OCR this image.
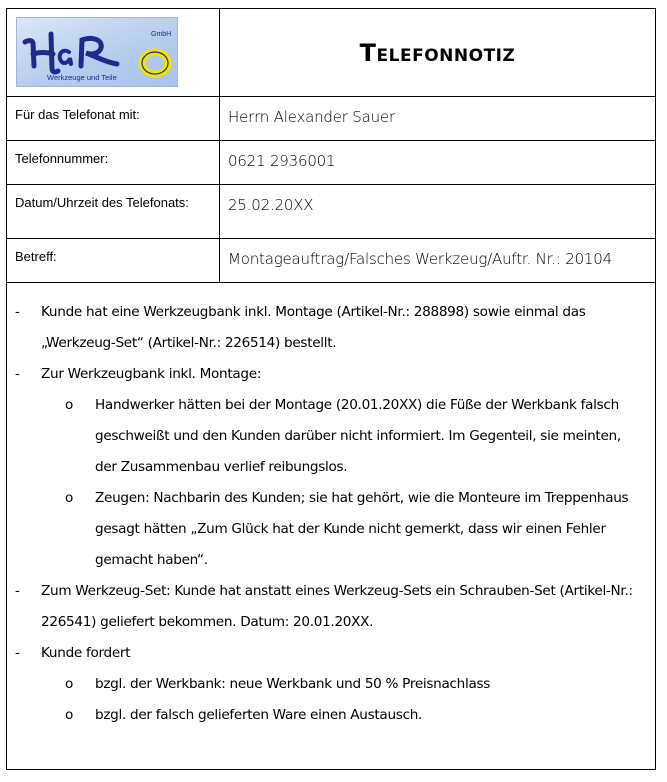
GmbH
Werkzeuge und Teile	Telefonnotiz
Für das Telefonat mit:	Herrn Alexander Sauer
Telefonnummer:	0621 2936001
Datum/Uhrzeit des Telefonats:	25.02.20XX
Betreff:	Montageauftrag/Falsches Werkzeug/Auftr. Nr.: 20104
-	Kunde hat eine Werkzeugbank inkl. Montage (Artikel-Nr.: 288898) sowie einmal das „Werkzeug-Set“ (Artikel-Nr.: 226514) bestellt.
-	Zur Werkzeugbank inkl. Montage:
o	Handwerker hätten bei der Montage (20.01.20XX) die Füße der Werkbank falsch geschweißt und den Kunden darüber nicht informiert. Im Gegenteil, sie meinten, der Zusammenbau verlief reibungslos.
o	Zeugen: Nachbarin des Kunden; sie hat gehört, wie die Monteure im Treppenhaus gesagt hätten „Zum Glück hat der Kunde nicht gemerkt, dass wir einen Fehler gemacht haben“.
-	Zum Werkzeug-Set: Kunde hat anstatt eines Werkzeug-Sets ein Schrauben-Set (Artikel-Nr.: 226541) geliefert bekommen. Datum: 20.01.20XX.
-	Kunde fordert
o	bzgl. der Werkbank: neue Werkbank und 50 % Preisnachlass
o	bzgl. der falsch gelieferten Ware einen Austausch.
